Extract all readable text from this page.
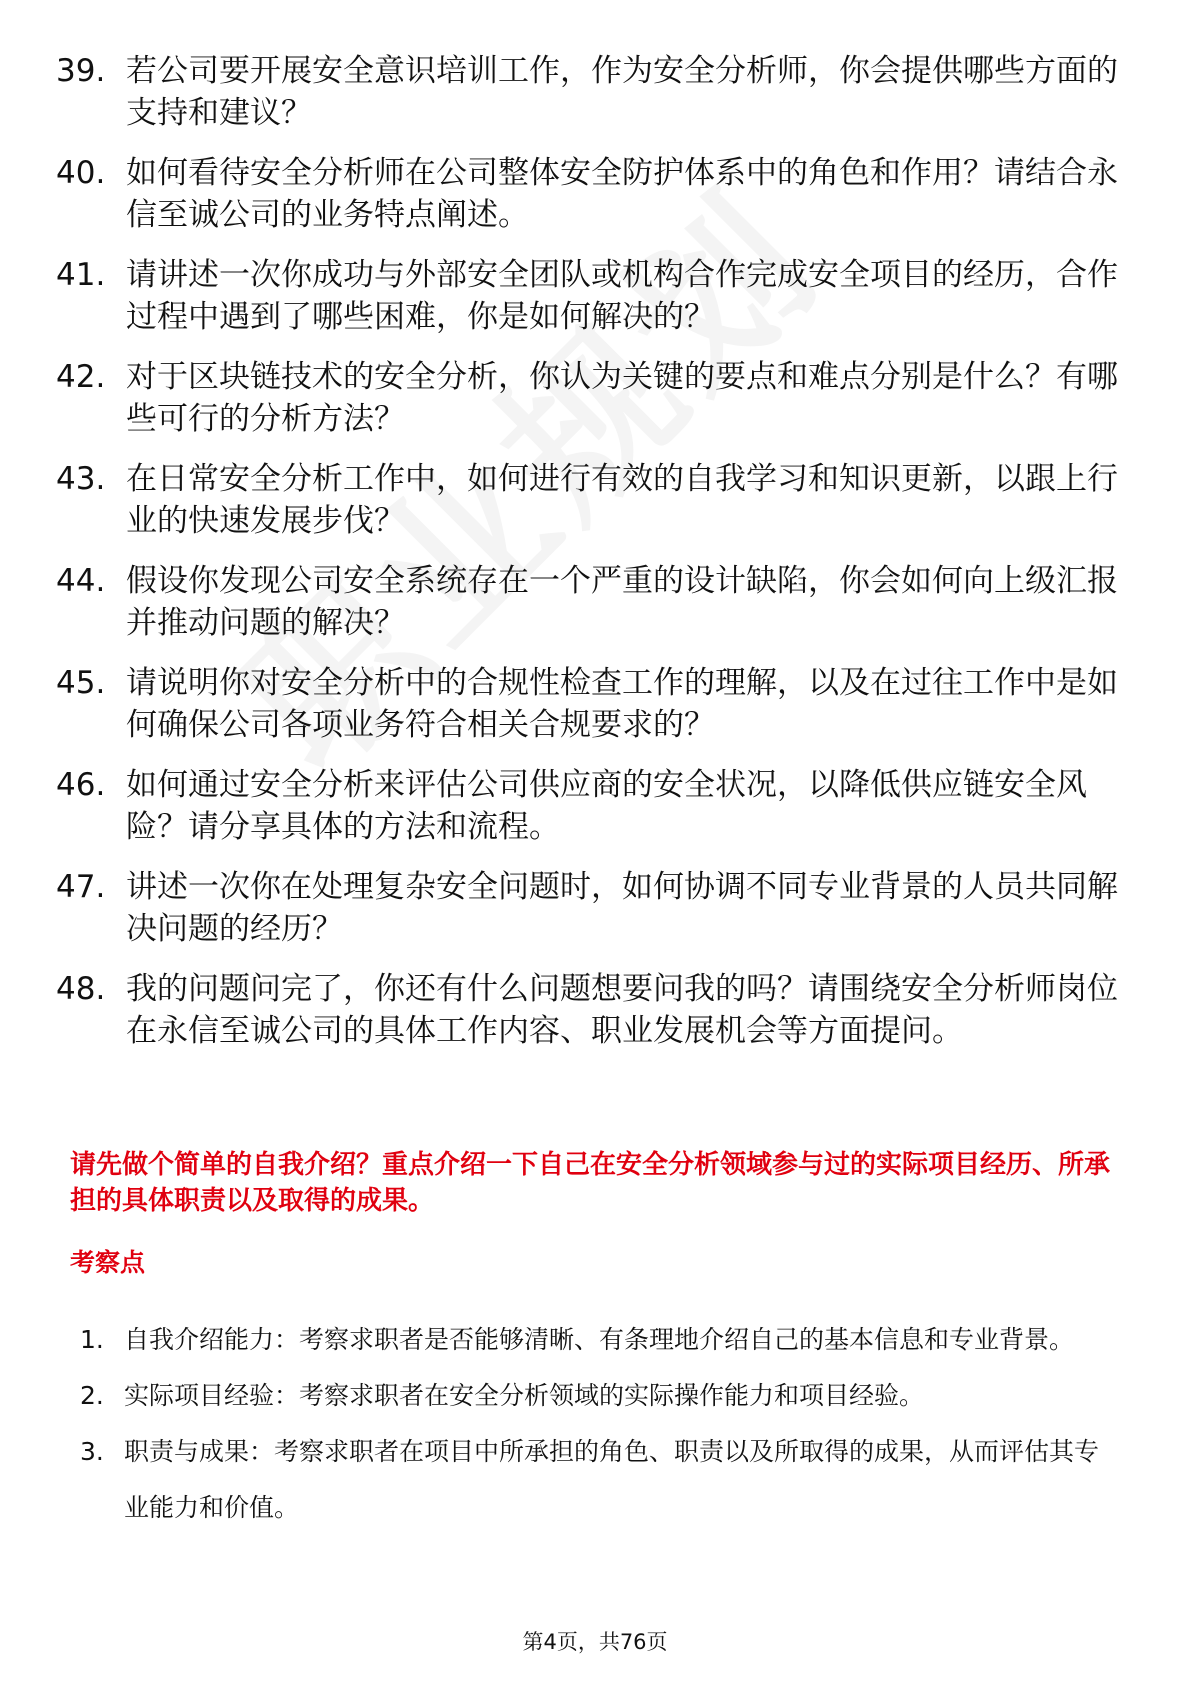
39. 若公司要开展安全意识培训工作，作为安全分析师，你会提供哪些方面的支持和建议？
40. 如何看待安全分析师在公司整体安全防护体系中的角色和作用？请结合永信至诚公司的业务特点阐述。
41. 请讲述一次你成功与外部安全团队或机构合作完成安全项目的经历，合作过程中遇到了哪些困难，你是如何解决的？
42. 对于区块链技术的安全分析，你认为关键的要点和难点分别是什么？有哪些可行的分析方法？
43. 在日常安全分析工作中，如何进行有效的自我学习和知识更新，以跟上行业的快速发展步伐？
44. 假设你发现公司安全系统存在一个严重的设计缺陷，你会如何向上级汇报并推动问题的解决？
45. 请说明你对安全分析中的合规性检查工作的理解，以及在过往工作中是如何确保公司各项业务符合相关合规要求的？
46. 如何通过安全分析来评估公司供应商的安全状况，以降低供应链安全风险？请分享具体的方法和流程。
47. 讲述一次你在处理复杂安全问题时，如何协调不同专业背景的人员共同解决问题的经历？
48. 我的问题问完了，你还有什么问题想要问我的吗？请围绕安全分析师岗位在永信至诚公司的具体工作内容、职业发展机会等方面提问。
请先做个简单的自我介绍？重点介绍一下自己在安全分析领域参与过的实际项目经历、所承担的具体职责以及取得的成果。
考察点
1. 自我介绍能力：考察求职者是否能够清晰、有条理地介绍自己的基本信息和专业背景。
2. 实际项目经验：考察求职者在安全分析领域的实际操作能力和项目经验。
3. 职责与成果：考察求职者在项目中所承担的角色、职责以及所取得的成果，从而评估其专业能力和价值。
第4页，共76页
